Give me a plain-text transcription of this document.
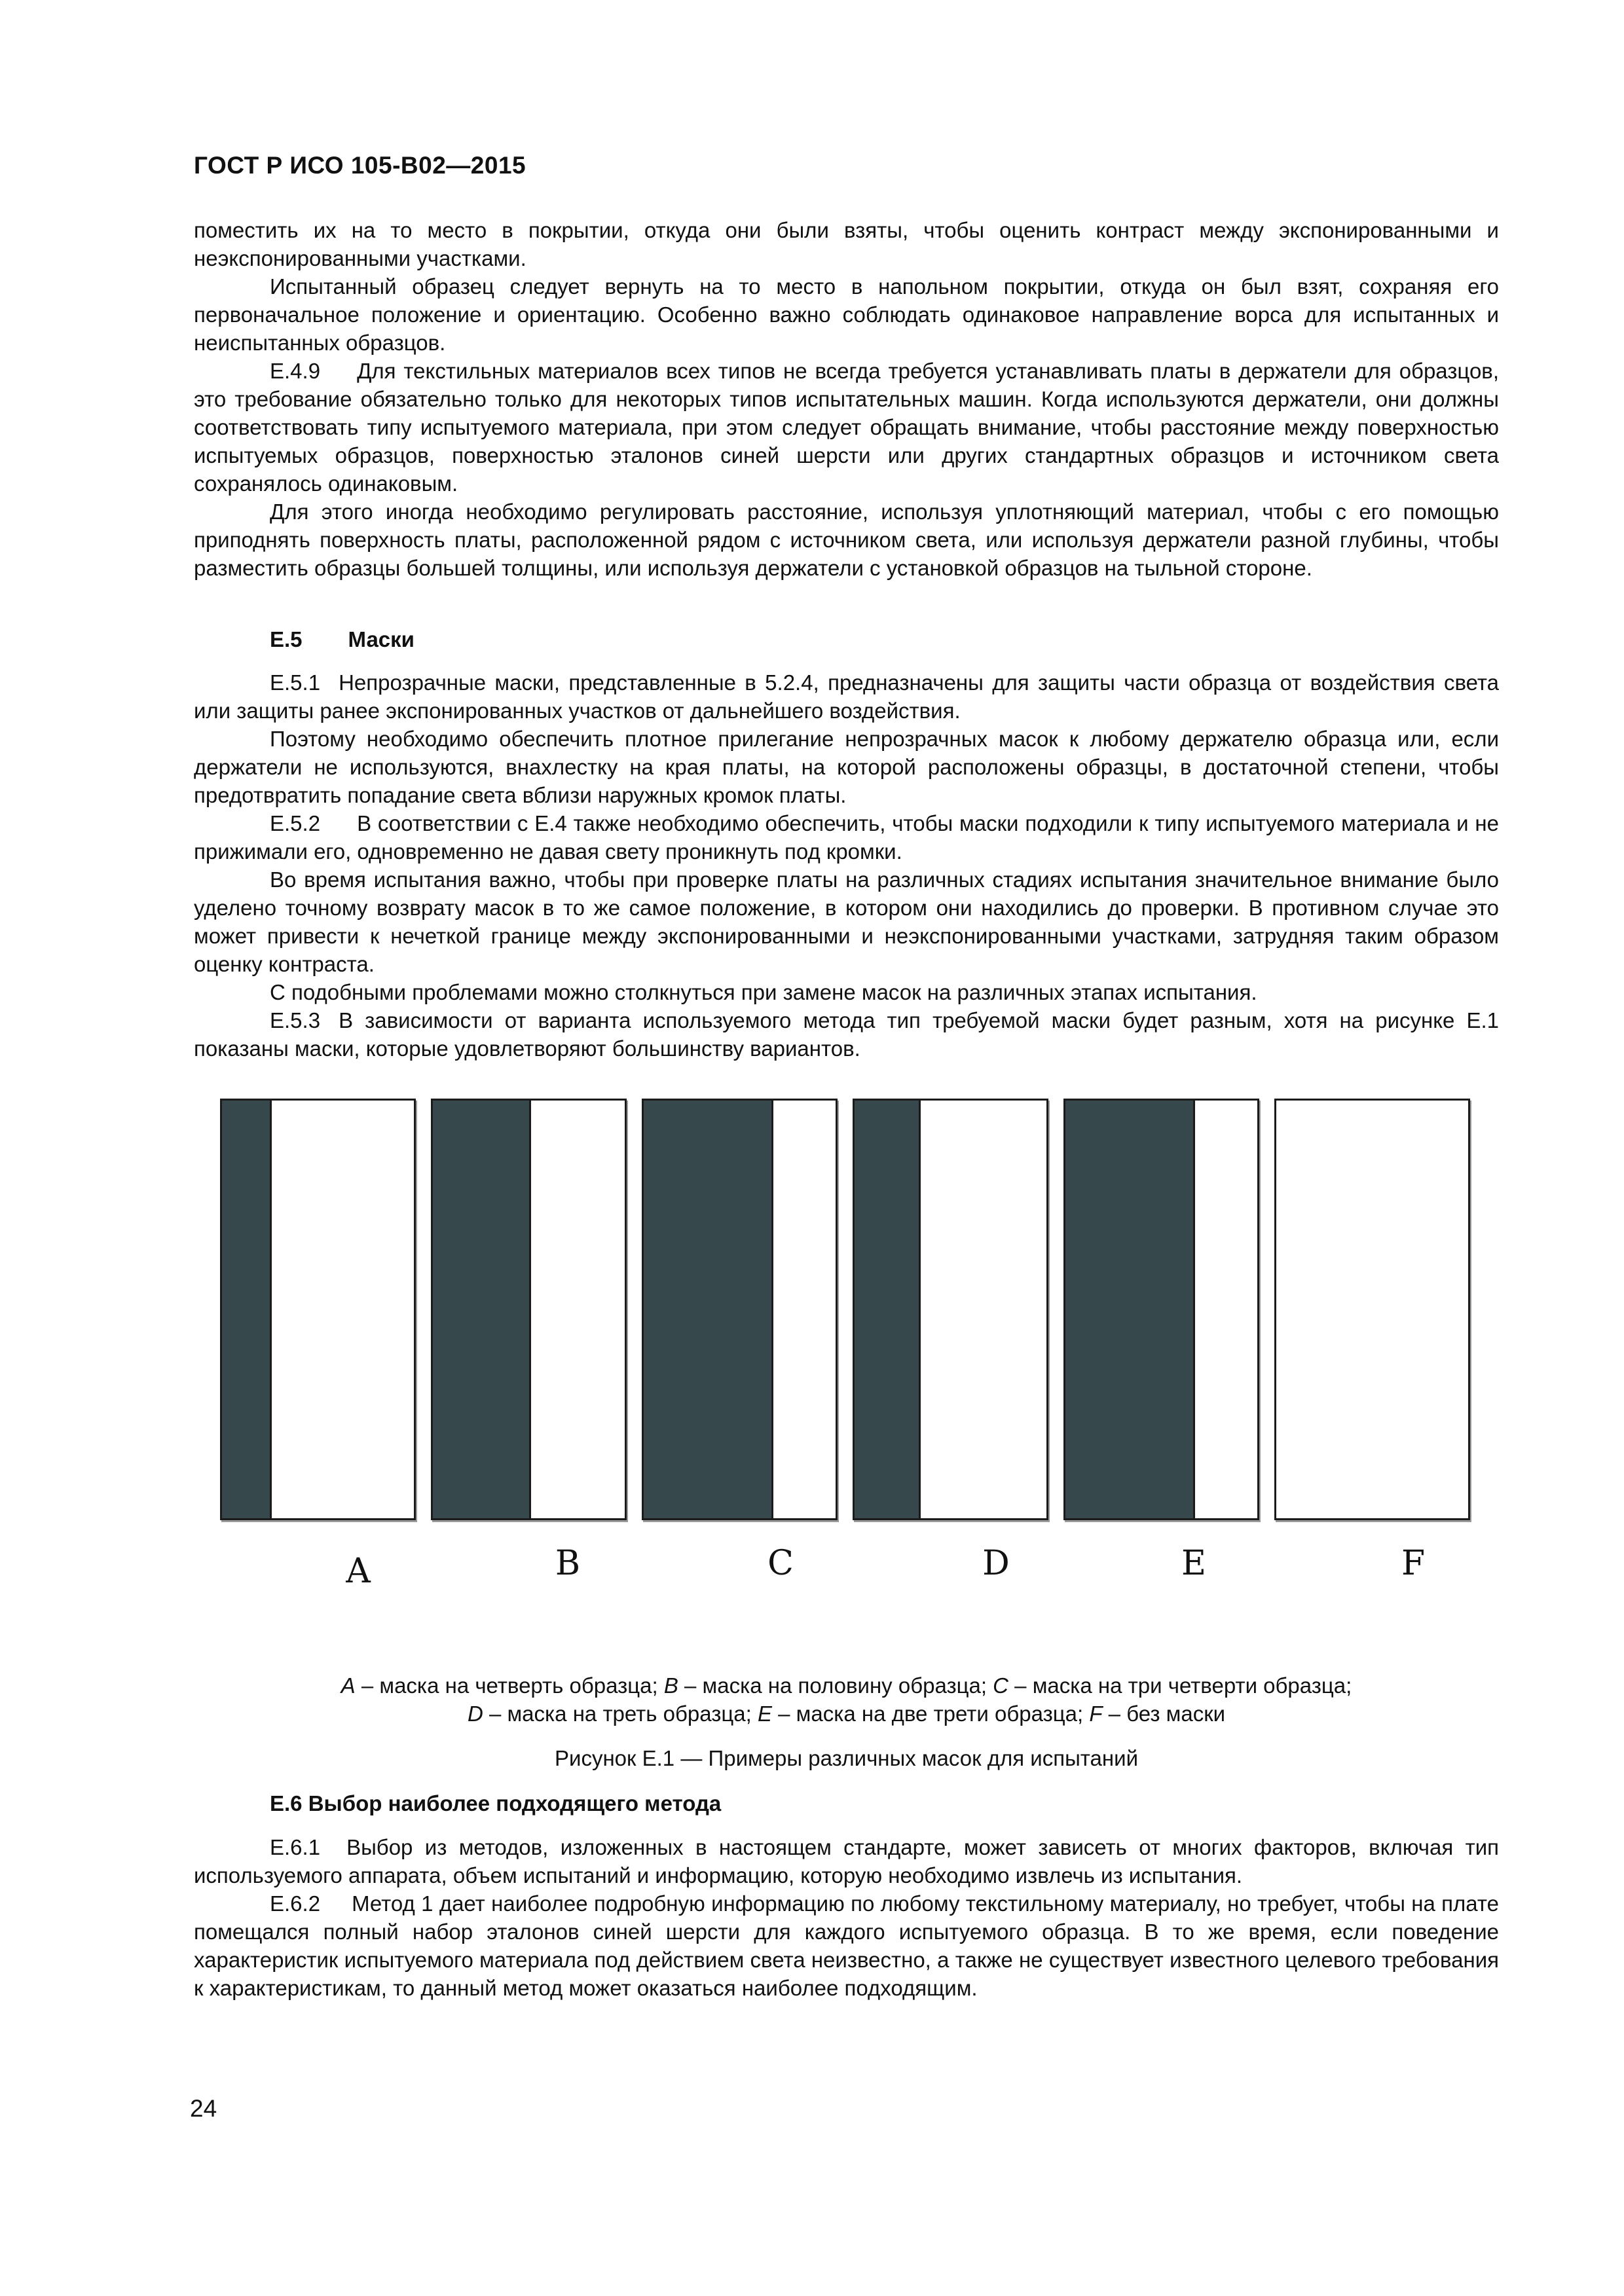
ГОСТ Р ИСО 105-В02—2015

поместить их на то место в покрытии, откуда они были взяты, чтобы оценить контраст между экспонированными и неэкспонированными участками.

Испытанный образец следует вернуть на то место в напольном покрытии, откуда он был взят, сохраняя его первоначальное положение и ориентацию. Особенно важно соблюдать одинаковое направление ворса для испытанных и неиспытанных образцов.

Е.4.9 Для текстильных материалов всех типов не всегда требуется устанавливать платы в держатели для образцов, это требование обязательно только для некоторых типов испытательных машин. Когда используются держатели, они должны соответствовать типу испытуемого материала, при этом следует обращать внимание, чтобы расстояние между поверхностью испытуемых образцов, поверхностью эталонов синей шерсти или других стандартных образцов и источником света сохранялось одинаковым.

Для этого иногда необходимо регулировать расстояние, используя уплотняющий материал, чтобы с его помощью приподнять поверхность платы, расположенной рядом с источником света, или используя держатели разной глубины, чтобы разместить образцы большей толщины, или используя держатели с установкой образцов на тыльной стороне.

Е.5 Маски

Е.5.1 Непрозрачные маски, представленные в 5.2.4, предназначены для защиты части образца от воздействия света или защиты ранее экспонированных участков от дальнейшего воздействия.

Поэтому необходимо обеспечить плотное прилегание непрозрачных масок к любому держателю образца или, если держатели не используются, внахлестку на края платы, на которой расположены образцы, в достаточной степени, чтобы предотвратить попадание света вблизи наружных кромок платы.

Е.5.2 В соответствии с Е.4 также необходимо обеспечить, чтобы маски подходили к типу испытуемого материала и не прижимали его, одновременно не давая свету проникнуть под кромки.

Во время испытания важно, чтобы при проверке платы на различных стадиях испытания значительное внимание было уделено точному возврату масок в то же самое положение, в котором они находились до проверки. В противном случае это может привести к нечеткой границе между экспонированными и неэкспонированными участками, затрудняя таким образом оценку контраста.

С подобными проблемами можно столкнуться при замене масок на различных этапах испытания.

Е.5.3 В зависимости от варианта используемого метода тип требуемой маски будет разным, хотя на рисунке Е.1 показаны маски, которые удовлетворяют большинству вариантов.

A	B	C	D	E	F
A – маска на четверть образца; B – маска на половину образца; C – маска на три четверти образца;
D – маска на треть образца; E – маска на две трети образца; F – без маски
Рисунок Е.1 — Примеры различных масок для испытаний

Е.6 Выбор наиболее подходящего метода

Е.6.1 Выбор из методов, изложенных в настоящем стандарте, может зависеть от многих факторов, включая тип используемого аппарата, объем испытаний и информацию, которую необходимо извлечь из испытания.

Е.6.2 Метод 1 дает наиболее подробную информацию по любому текстильному материалу, но требует, чтобы на плате помещался полный набор эталонов синей шерсти для каждого испытуемого образца. В то же время, если поведение характеристик испытуемого материала под действием света неизвестно, а также не существует известного целевого требования к характеристикам, то данный метод может оказаться наиболее подходящим.

24
